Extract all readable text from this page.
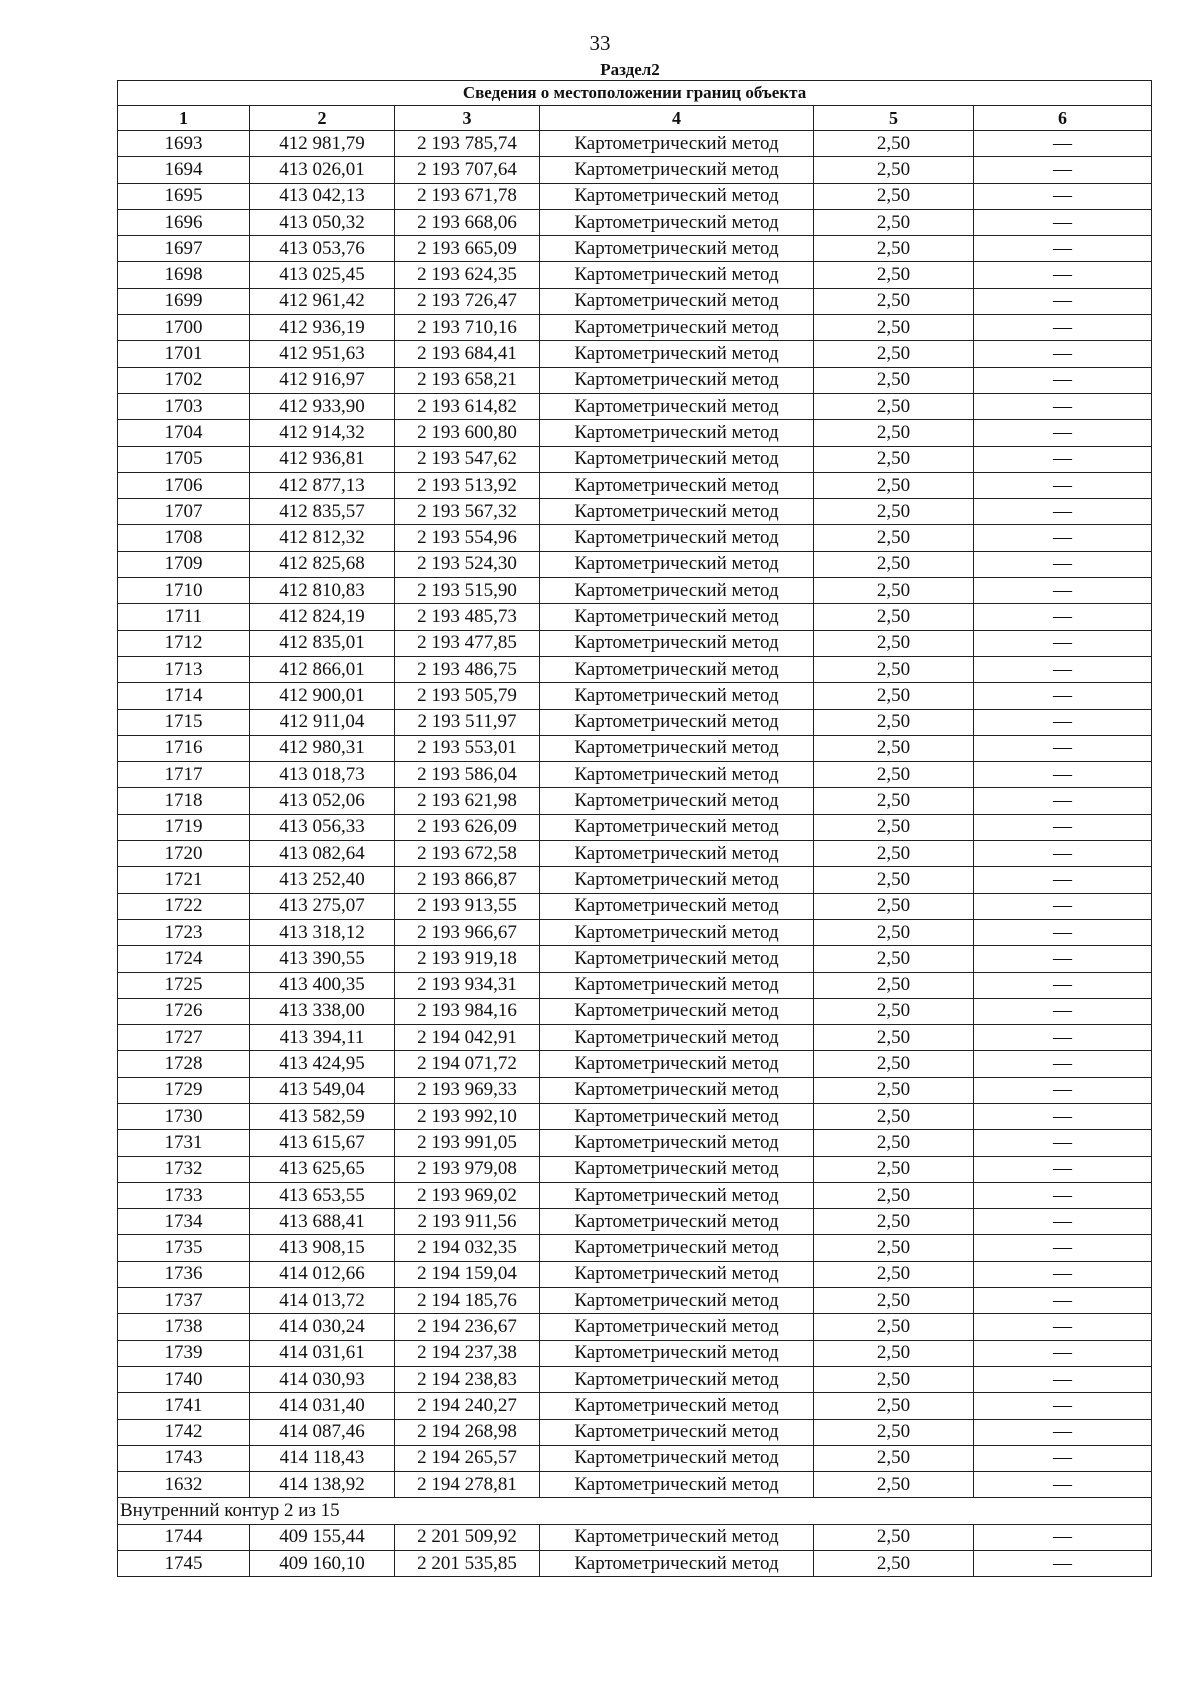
33
Раздел2
Сведения о местоположении границ объекта					
1	2	3	4	5	6
1693	412 981,79	2 193 785,74	Картометрический метод	2,50	—
1694	413 026,01	2 193 707,64	Картометрический метод	2,50	—
1695	413 042,13	2 193 671,78	Картометрический метод	2,50	—
1696	413 050,32	2 193 668,06	Картометрический метод	2,50	—
1697	413 053,76	2 193 665,09	Картометрический метод	2,50	—
1698	413 025,45	2 193 624,35	Картометрический метод	2,50	—
1699	412 961,42	2 193 726,47	Картометрический метод	2,50	—
1700	412 936,19	2 193 710,16	Картометрический метод	2,50	—
1701	412 951,63	2 193 684,41	Картометрический метод	2,50	—
1702	412 916,97	2 193 658,21	Картометрический метод	2,50	—
1703	412 933,90	2 193 614,82	Картометрический метод	2,50	—
1704	412 914,32	2 193 600,80	Картометрический метод	2,50	—
1705	412 936,81	2 193 547,62	Картометрический метод	2,50	—
1706	412 877,13	2 193 513,92	Картометрический метод	2,50	—
1707	412 835,57	2 193 567,32	Картометрический метод	2,50	—
1708	412 812,32	2 193 554,96	Картометрический метод	2,50	—
1709	412 825,68	2 193 524,30	Картометрический метод	2,50	—
1710	412 810,83	2 193 515,90	Картометрический метод	2,50	—
1711	412 824,19	2 193 485,73	Картометрический метод	2,50	—
1712	412 835,01	2 193 477,85	Картометрический метод	2,50	—
1713	412 866,01	2 193 486,75	Картометрический метод	2,50	—
1714	412 900,01	2 193 505,79	Картометрический метод	2,50	—
1715	412 911,04	2 193 511,97	Картометрический метод	2,50	—
1716	412 980,31	2 193 553,01	Картометрический метод	2,50	—
1717	413 018,73	2 193 586,04	Картометрический метод	2,50	—
1718	413 052,06	2 193 621,98	Картометрический метод	2,50	—
1719	413 056,33	2 193 626,09	Картометрический метод	2,50	—
1720	413 082,64	2 193 672,58	Картометрический метод	2,50	—
1721	413 252,40	2 193 866,87	Картометрический метод	2,50	—
1722	413 275,07	2 193 913,55	Картометрический метод	2,50	—
1723	413 318,12	2 193 966,67	Картометрический метод	2,50	—
1724	413 390,55	2 193 919,18	Картометрический метод	2,50	—
1725	413 400,35	2 193 934,31	Картометрический метод	2,50	—
1726	413 338,00	2 193 984,16	Картометрический метод	2,50	—
1727	413 394,11	2 194 042,91	Картометрический метод	2,50	—
1728	413 424,95	2 194 071,72	Картометрический метод	2,50	—
1729	413 549,04	2 193 969,33	Картометрический метод	2,50	—
1730	413 582,59	2 193 992,10	Картометрический метод	2,50	—
1731	413 615,67	2 193 991,05	Картометрический метод	2,50	—
1732	413 625,65	2 193 979,08	Картометрический метод	2,50	—
1733	413 653,55	2 193 969,02	Картометрический метод	2,50	—
1734	413 688,41	2 193 911,56	Картометрический метод	2,50	—
1735	413 908,15	2 194 032,35	Картометрический метод	2,50	—
1736	414 012,66	2 194 159,04	Картометрический метод	2,50	—
1737	414 013,72	2 194 185,76	Картометрический метод	2,50	—
1738	414 030,24	2 194 236,67	Картометрический метод	2,50	—
1739	414 031,61	2 194 237,38	Картометрический метод	2,50	—
1740	414 030,93	2 194 238,83	Картометрический метод	2,50	—
1741	414 031,40	2 194 240,27	Картометрический метод	2,50	—
1742	414 087,46	2 194 268,98	Картометрический метод	2,50	—
1743	414 118,43	2 194 265,57	Картометрический метод	2,50	—
1632	414 138,92	2 194 278,81	Картометрический метод	2,50	—
Внутренний контур 2 из 15					
1744	409 155,44	2 201 509,92	Картометрический метод	2,50	—
1745	409 160,10	2 201 535,85	Картометрический метод	2,50	—
